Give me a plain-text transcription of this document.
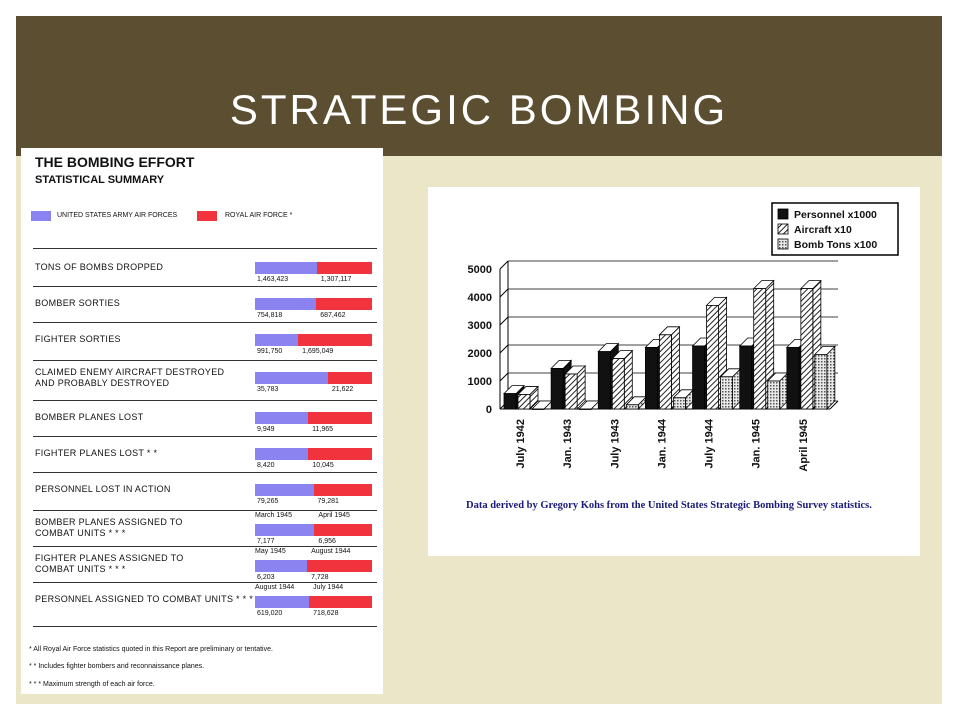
STRATEGIC BOMBING
THE BOMBING EFFORT
STATISTICAL SUMMARY
UNITED STATES ARMY AIR FORCES	ROYAL AIR FORCE *
TONS OF BOMBS DROPPED
1,463,423	1,307,117
BOMBER SORTIES
754,818	687,462
FIGHTER SORTIES
991,750	1,695,049
CLAIMED ENEMY AIRCRAFT DESTROYED
AND PROBABLY DESTROYED
35,783	21,622
BOMBER PLANES LOST
9,949	11,965
FIGHTER PLANES LOST * *
8,420	10,045
PERSONNEL LOST IN ACTION
79,265	79,281
BOMBER PLANES ASSIGNED TO
COMBAT UNITS * * *
March 1945	April 1945
7,177	6,956
FIGHTER PLANES ASSIGNED TO
COMBAT UNITS * * *
May 1945	August 1944
6,203	7,728
PERSONNEL ASSIGNED TO COMBAT UNITS * * *
August 1944	July 1944
619,020	718,628
* All Royal Air Force statistics quoted in this Report are preliminary or tentative.
* * Includes fighter bombers and reconnaissance planes.
* * * Maximum strength of each air force.
0
1000
2000
3000
4000
5000
July 1942	Jan. 1943	July 1943	Jan. 1944	July 1944	Jan. 1945	April 1945
Personnel x1000
Aircraft x10
Bomb Tons x100
Data derived by Gregory Kohs from the United States Strategic Bombing Survey statistics.
